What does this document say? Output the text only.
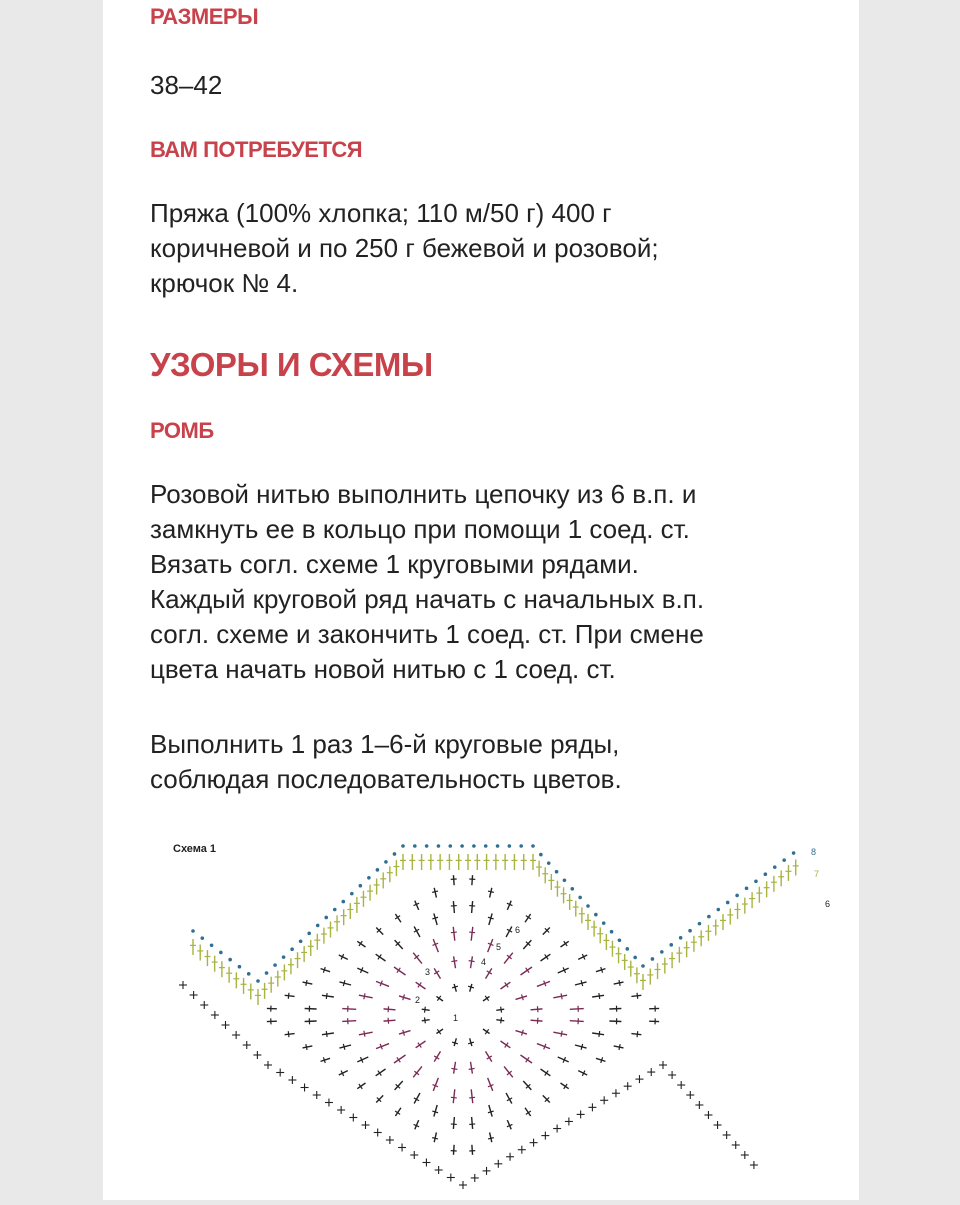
РАЗМЕРЫ

38–42

ВАМ ПОТРЕБУЕТСЯ

Пряжа (100% хлопка; 110 м/50 г) 400 г
коричневой и по 250 г бежевой и розовой;
крючок № 4.

УЗОРЫ И СХЕМЫ
РОМБ

Розовой нитью выполнить цепочку из 6 в.п. и
замкнуть ее в кольцо при помощи 1 соед. ст.
Вязать согл. схеме 1 круговыми рядами.
Каждый круговой ряд начать с начальных в.п.
согл. схеме и закончить 1 соед. ст. При смене
цвета начать новой нитью с 1 соед. ст.

Выполнить 1 раз 1–6-й круговые ряды,
соблюдая последовательность цветов.

Схема 1
6
5
4
3
2
1
8
7
6
